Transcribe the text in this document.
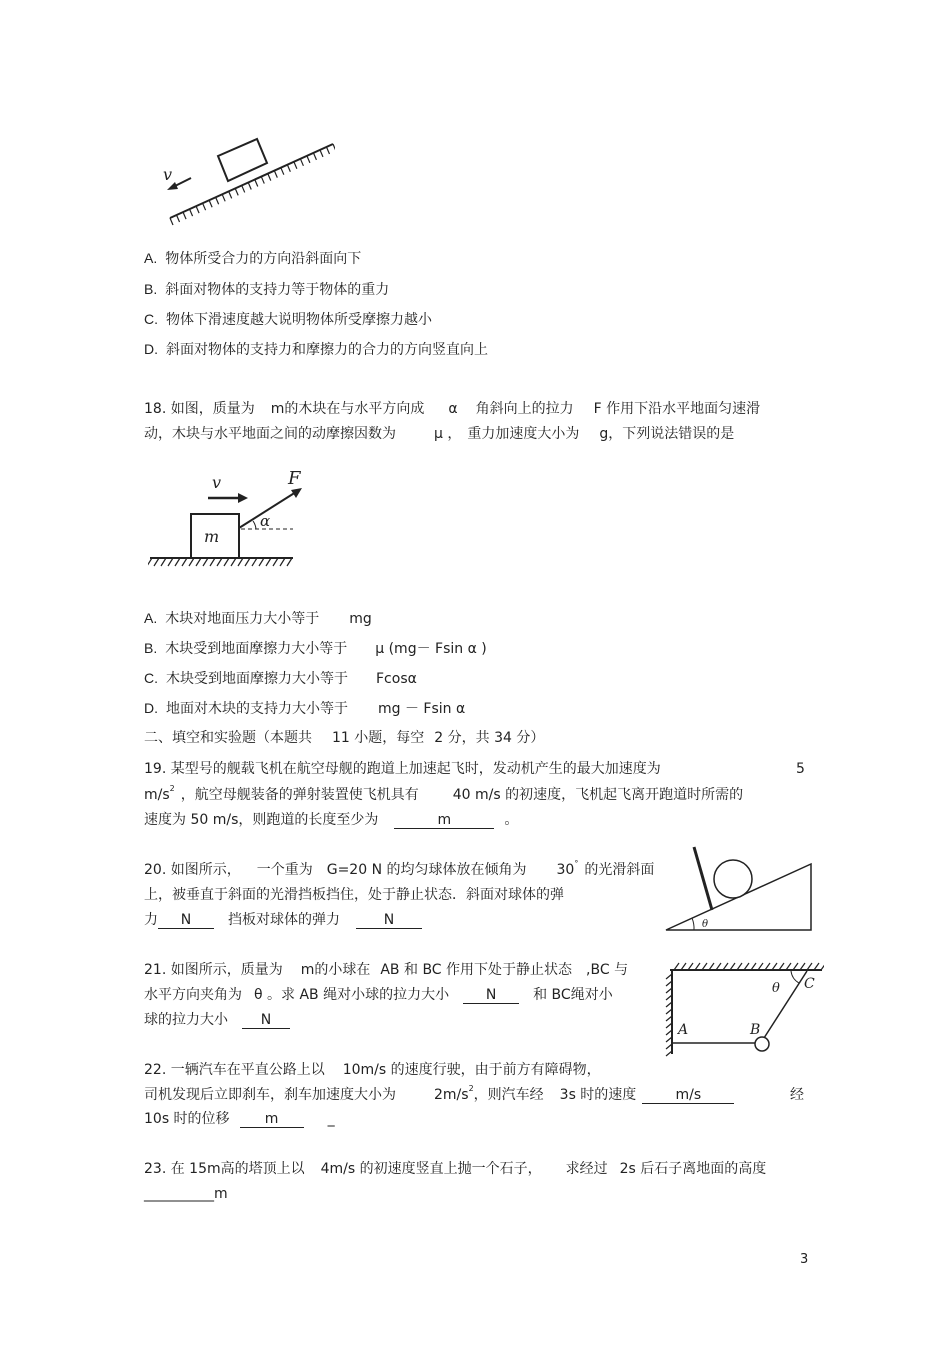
v
A. 物体所受合力的方向沿斜面向下
B. 斜面对物体的支持力等于物体的重力
C. 物体下滑速度越大说明物体所受摩擦力越小
D. 斜面对物体的支持力和摩擦力的合力的方向竖直向上
18. 如图，质量为 m的木块在与水平方向成 α 角斜向上的拉力 F 作用下沿水平地面匀速滑
动，木块与水平地面之间的动摩擦因数为	μ ， 重力加速度大小为 g，下列说法错误的是
m
v	F
α
A. 木块对地面压力大小等于 mg
B. 木块受到地面摩擦力大小等于 μ (mg－ Fsin α )
C. 木块受到地面摩擦力大小等于 Fcosα
D. 地面对木块的支持力大小等于 mg － Fsin α
二、填空和实验题（本题共 11 小题，每空 2 分，共 34 分）
19. 某型号的舰载飞机在航空母舰的跑道上加速起飞时，发动机产生的最大加速度为	5
$m/s^2$ ，航空母舰装备的弹射装置使飞机具有 40 m/s 的初速度，飞机起飞离开跑道时所需的
速度为 50 m/s，则跑道的长度至少为	m	。
20. 如图所示， 一个重为 G=20 N 的均匀球体放在倾角为 30° 的光滑斜面
上，被垂直于斜面的光滑挡板挡住，处于静止状态．斜面对球体的弹
力 N	挡板对球体的弹力	N	θ
21. 如图所示，质量为 m的小球在 AB 和 BC 作用下处于静止状态 ,BC 与
水平方向夹角为 θ 。求 AB 绳对小球的拉力大小	N	和 BC绳对小
球的拉力大小 N
A	B
C
θ
22. 一辆汽车在平直公路上以 10m/s 的速度行驶，由于前方有障碍物，
司机发现后立即刹车，刹车加速度大小为	$2m/s^2$，则汽车经 3s 时的速度	m/s	经
10s 时的位移	m	_
23. 在 15m高的塔顶上以 4m/s 的初速度竖直上抛一个石子， 求经过 2s 后石子离地面的高度
__________m
3
